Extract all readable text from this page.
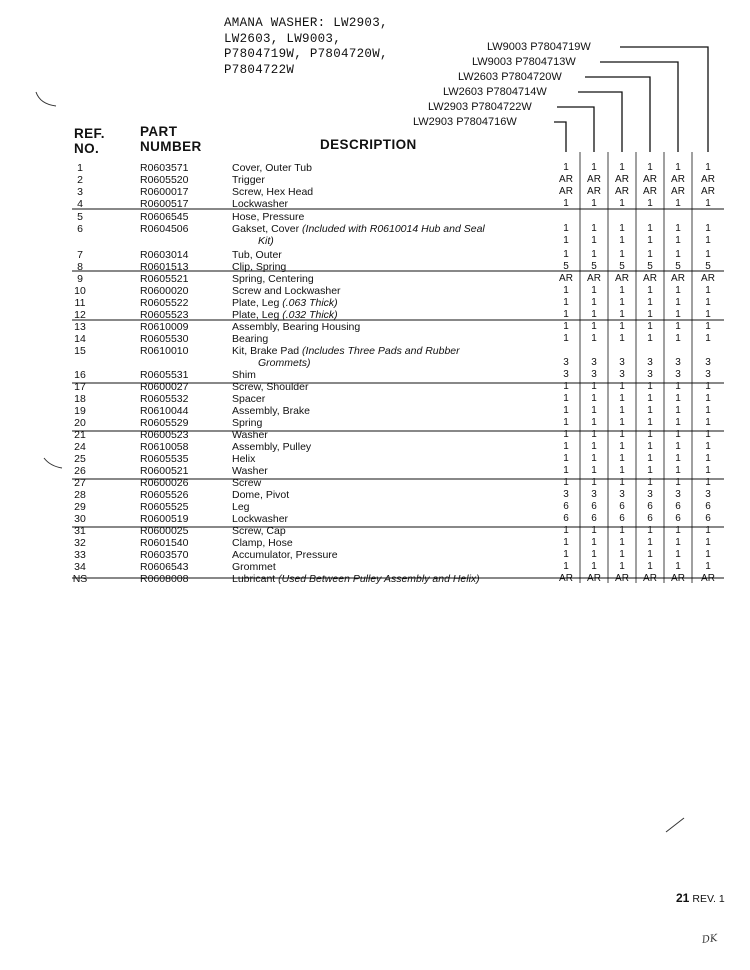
AMANA WASHER: LW2903,
LW2603, LW9003,
P7804719W, P7804720W,
P7804722W
LW9003 P7804719W
LW9003 P7804713W
LW2603 P7804720W
LW2603 P7804714W
LW2903 P7804722W
LW2903 P7804716W
REF.
NO.
PART
NUMBER	DESCRIPTION
1	R0603571	Cover, Outer Tub	1	1	1	1	1	1
2	R0605520	Trigger	AR	AR	AR	AR	AR	AR
3	R0600017	Screw, Hex Head	AR	AR	AR	AR	AR	AR
4	R0600517	Lockwasher	1	1	1	1	1	1
5	R0606545	Hose, Pressure
6	R0604506	Gakset, Cover (Included with R0610014 Hub and Seal	1	1	1	1	1	1
Kit)	1	1	1	1	1	1
7	R0603014	Tub, Outer	1	1	1	1	1	1
8	R0601513	Clip, Spring	5	5	5	5	5	5
9	R0605521	Spring, Centering	AR	AR	AR	AR	AR	AR
10	R0600020	Screw and Lockwasher	1	1	1	1	1	1
11	R0605522	Plate, Leg (.063 Thick)	1	1	1	1	1	1
12	R0605523	Plate, Leg (.032 Thick)	1	1	1	1	1	1
13	R0610009	Assembly, Bearing Housing	1	1	1	1	1	1
14	R0605530	Bearing	1	1	1	1	1	1
15	R0610010	Kit, Brake Pad (Includes Three Pads and Rubber
Grommets)	3	3	3	3	3	3
16	R0605531	Shim	3	3	3	3	3	3
17	R0600027	Screw, Shoulder	1	1	1	1	1	1
18	R0605532	Spacer	1	1	1	1	1	1
19	R0610044	Assembly, Brake	1	1	1	1	1	1
20	R0605529	Spring	1	1	1	1	1	1
21	R0600523	Washer	1	1	1	1	1	1
24	R0610058	Assembly, Pulley	1	1	1	1	1	1
25	R0605535	Helix	1	1	1	1	1	1
26	R0600521	Washer	1	1	1	1	1	1
27	R0600026	Screw	1	1	1	1	1	1
28	R0605526	Dome, Pivot	3	3	3	3	3	3
29	R0605525	Leg	6	6	6	6	6	6
30	R0600519	Lockwasher	6	6	6	6	6	6
31	R0600025	Screw, Cap	1	1	1	1	1	1
32	R0601540	Clamp, Hose	1	1	1	1	1	1
33	R0603570	Accumulator, Pressure	1	1	1	1	1	1
34	R0606543	Grommet	1	1	1	1	1	1
NS	R0608008	Lubricant (Used Between Pulley Assembly and Helix)	AR	AR	AR	AR	AR	AR
21 REV. 1
DK
